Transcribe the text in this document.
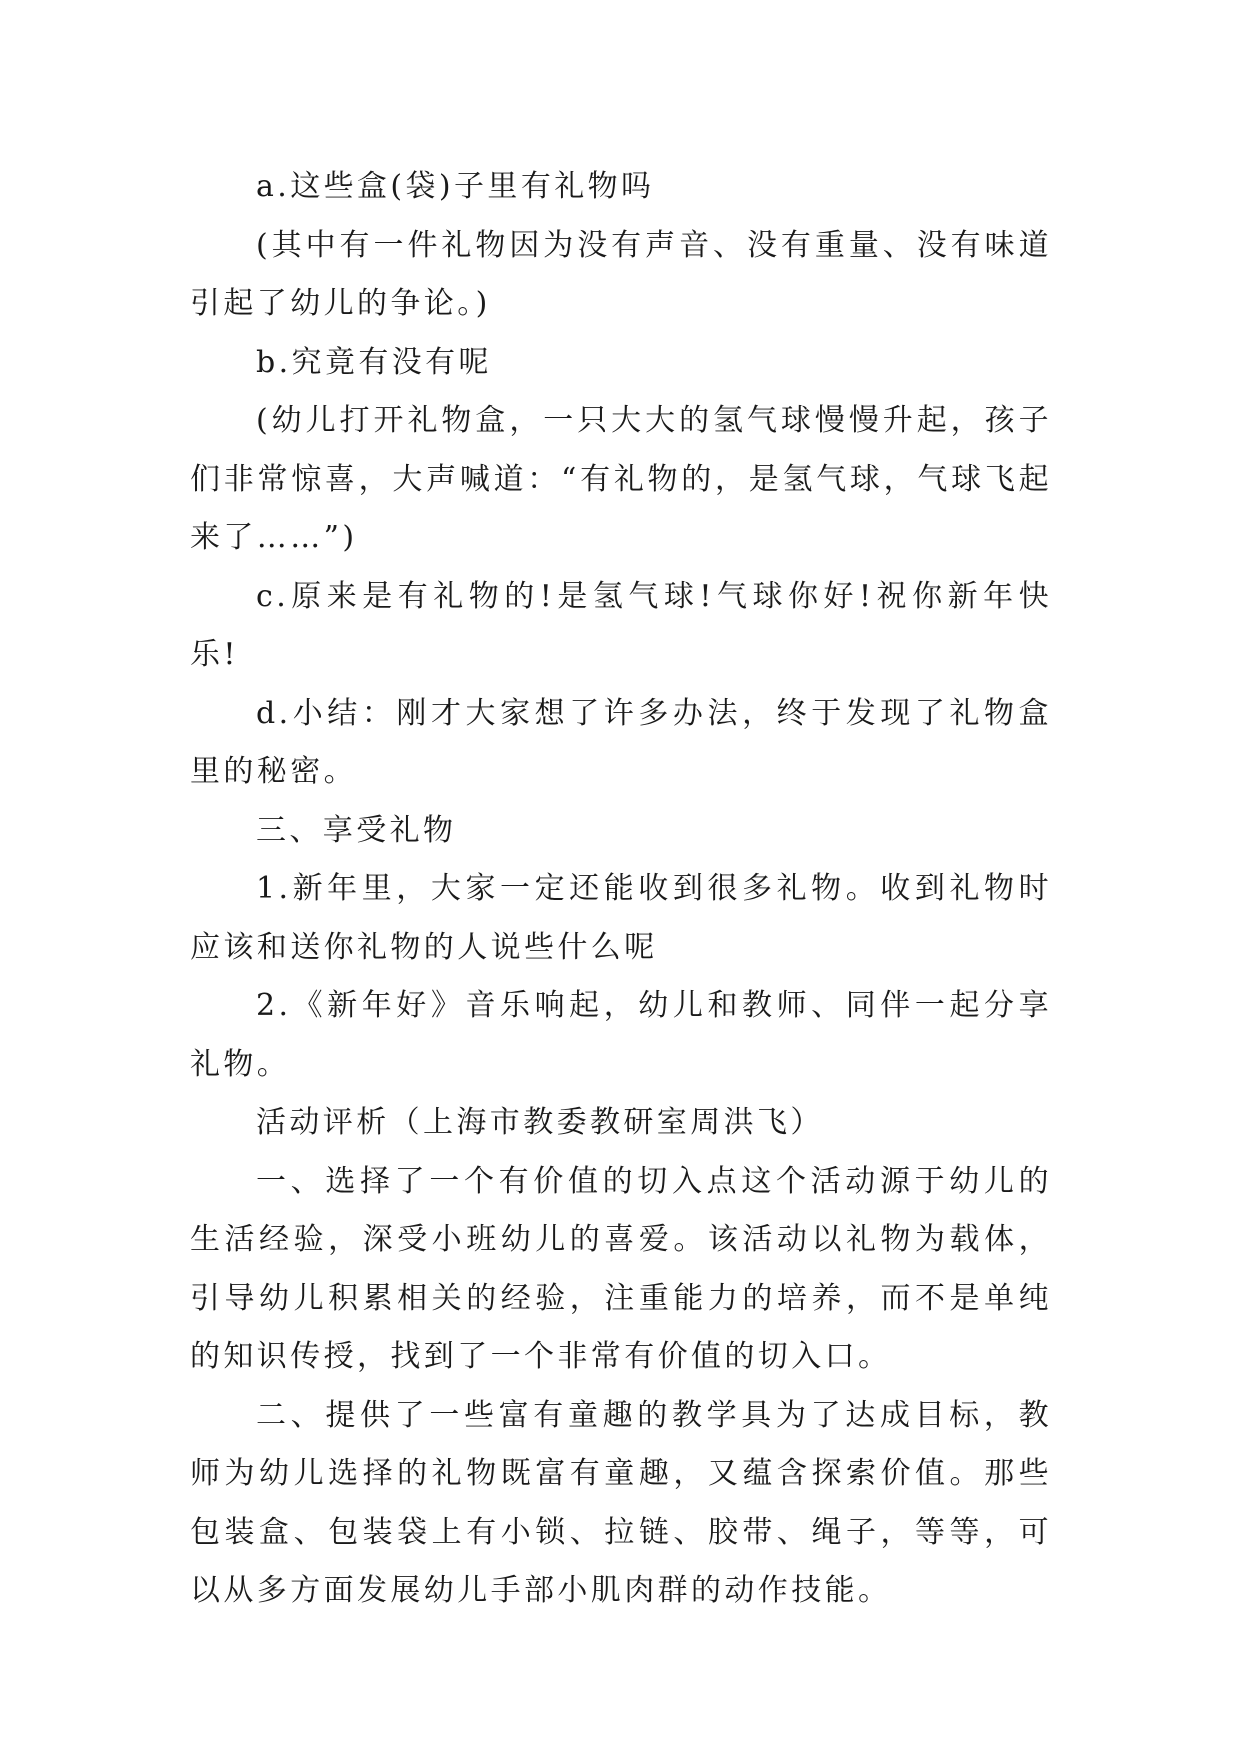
a.这些盒(袋)子里有礼物吗

(其中有一件礼物因为没有声音、没有重量、没有味道引起了幼儿的争论。)

b.究竟有没有呢

(幼儿打开礼物盒，一只大大的氢气球慢慢升起，孩子们非常惊喜，大声喊道：“有礼物的，是氢气球，气球飞起来了……”)

c.原来是有礼物的!是氢气球!气球你好!祝你新年快乐!

d.小结：刚才大家想了许多办法，终于发现了礼物盒里的秘密。

三、享受礼物

1.新年里，大家一定还能收到很多礼物。收到礼物时应该和送你礼物的人说些什么呢

2.《新年好》音乐响起，幼儿和教师、同伴一起分享礼物。

活动评析（上海市教委教研室周洪飞）

一、选择了一个有价值的切入点这个活动源于幼儿的生活经验，深受小班幼儿的喜爱。该活动以礼物为载体，引导幼儿积累相关的经验，注重能力的培养，而不是单纯的知识传授，找到了一个非常有价值的切入口。

二、提供了一些富有童趣的教学具为了达成目标，教师为幼儿选择的礼物既富有童趣，又蕴含探索价值。那些包装盒、包装袋上有小锁、拉链、胶带、绳子，等等，可以从多方面发展幼儿手部小肌肉群的动作技能。
